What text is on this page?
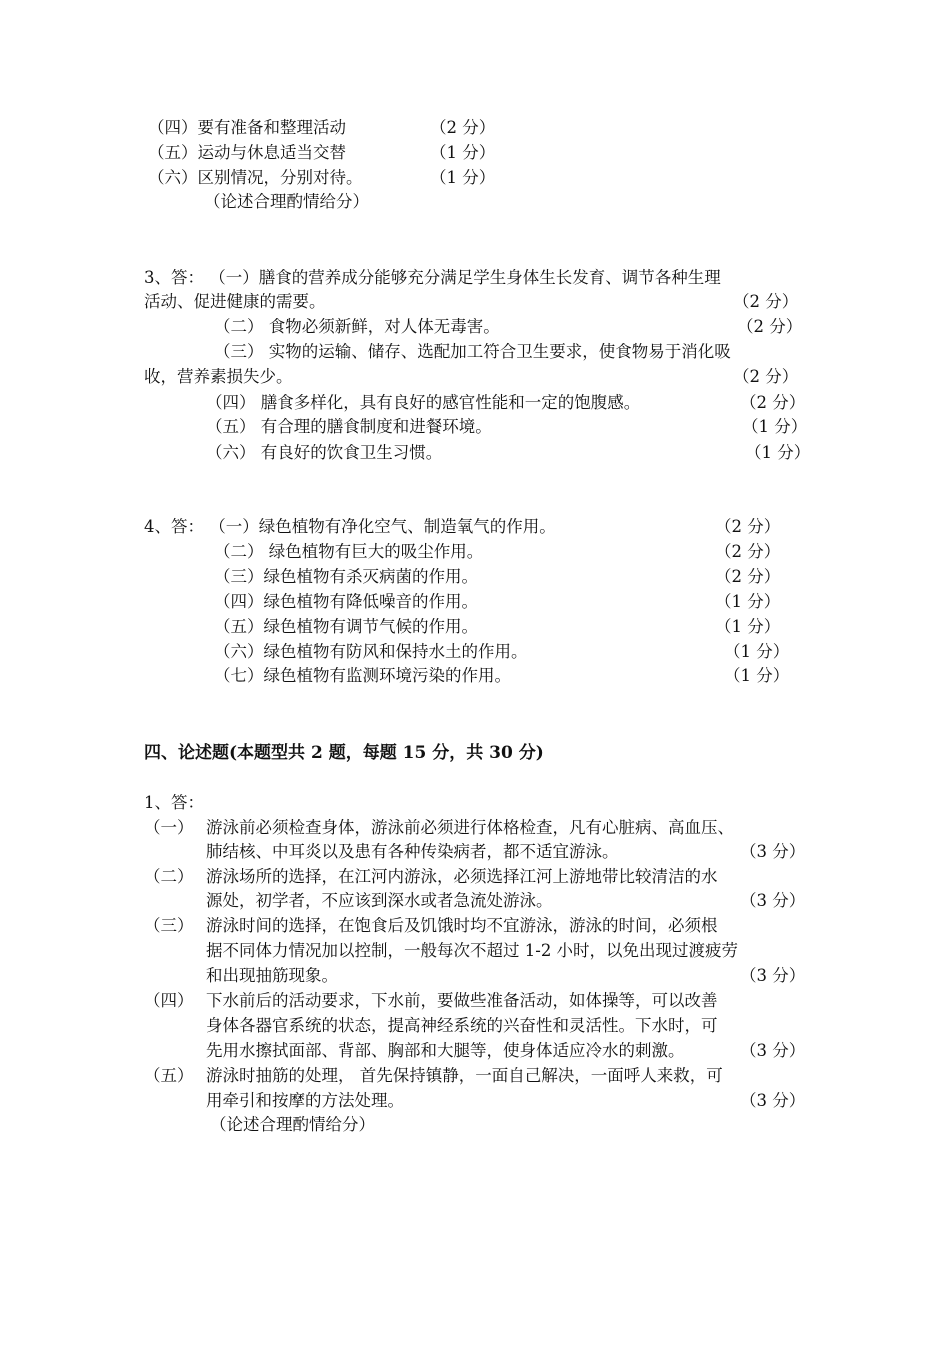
（四）要有准备和整理活动	（2 分）
（五）运动与休息适当交替	（1 分）
（六）区别情况，分别对待。	（1 分）
（论述合理酌情给分）
3、答： （一）膳食的营养成分能够充分满足学生身体生长发育、调节各种生理
活动、促进健康的需要。	（2 分）
（二） 食物必须新鲜，对人体无毒害。	（2 分）
（三） 实物的运输、储存、选配加工符合卫生要求，使食物易于消化吸
收，营养素损失少。	（2 分）
（四） 膳食多样化，具有良好的感官性能和一定的饱腹感。	（2 分）
（五） 有合理的膳食制度和进餐环境。	（1 分）
（六） 有良好的饮食卫生习惯。	（1 分）
4、答： （一）绿色植物有净化空气、制造氧气的作用。	（2 分）
（二） 绿色植物有巨大的吸尘作用。	（2 分）
（三）绿色植物有杀灭病菌的作用。	（2 分）
（四）绿色植物有降低噪音的作用。	（1 分）
（五）绿色植物有调节气候的作用。	（1 分）
（六）绿色植物有防风和保持水土的作用。	（1 分）
（七）绿色植物有监测环境污染的作用。	（1 分）
四、论述题(本题型共 2 题，每题 15 分，共 30 分)
1、答：
（一） 游泳前必须检查身体，游泳前必须进行体格检查，凡有心脏病、高血压、
肺结核、中耳炎以及患有各种传染病者，都不适宜游泳。	（3 分）
（二） 游泳场所的选择，在江河内游泳，必须选择江河上游地带比较清洁的水
源处，初学者，不应该到深水或者急流处游泳。	（3 分）
（三） 游泳时间的选择，在饱食后及饥饿时均不宜游泳，游泳的时间，必须根
据不同体力情况加以控制，一般每次不超过 1-2 小时，以免出现过渡疲劳
和出现抽筋现象。	（3 分）
（四） 下水前后的活动要求，下水前，要做些准备活动，如体操等，可以改善
身体各器官系统的状态，提高神经系统的兴奋性和灵活性。下水时，可
先用水擦拭面部、背部、胸部和大腿等，使身体适应冷水的刺激。	（3 分）
（五） 游泳时抽筋的处理， 首先保持镇静，一面自己解决，一面呼人来救，可
用牵引和按摩的方法处理。	（3 分）
（论述合理酌情给分）
